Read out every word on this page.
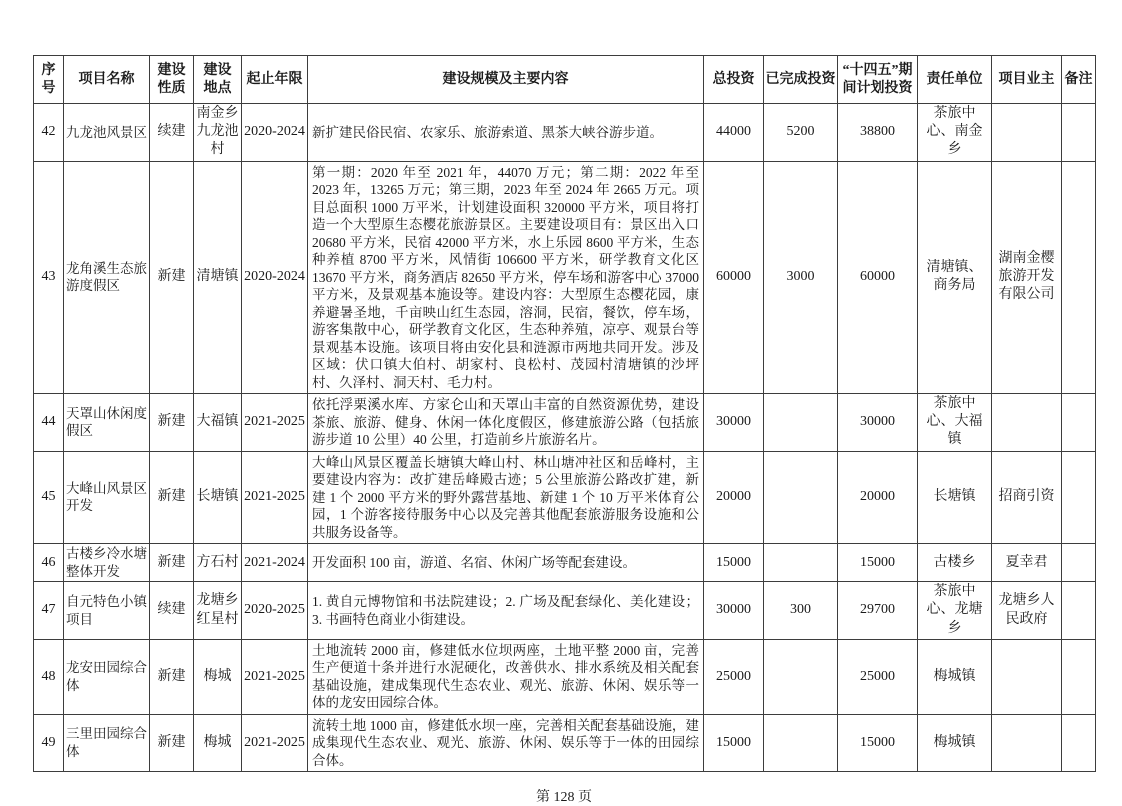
序 号	项目名称	建设 性质	建设 地点	起止年限	建设规模及主要内容	总投资	已完成投资	“十四五”期间计划投资	责任单位	项目业主	备注
42	九龙池风景区	续建	南金乡九龙池村	2020-2024	新扩建民俗民宿、农家乐、旅游索道、黑茶大峡谷游步道。	44000	5200	38800	茶旅中心、南金乡		
43	龙角溪生态旅游度假区	新建	清塘镇	2020-2024	第一期：2020 年至 2021 年，44070 万元；第二期：2022 年至 2023 年，13265 万元；第三期，2023 年至 2024 年 2665 万元。项目总面积 1000 万平米，计划建设面积 320000 平方米，项目将打造一个大型原生态樱花旅游景区。主要建设项目有：景区出入口 20680 平方米，民宿 42000 平方米，水上乐园 8600 平方米，生态种养植 8700 平方米，风情街 106600 平方米，研学教育文化区 13670 平方米，商务酒店 82650 平方米，停车场和游客中心 37000 平方米，及景观基本施设等。建设内容：大型原生态樱花园，康养避暑圣地，千亩映山红生态园，溶洞，民宿，餐饮，停车场，游客集散中心，研学教育文化区，生态种养殖，凉亭、观景台等景观基本设施。该项目将由安化县和涟源市两地共同开发。涉及区域：伏口镇大伯村、胡家村、良松村、茂园村清塘镇的沙坪村、久泽村、洞天村、毛力村。	60000	3000	60000	清塘镇、商务局	湖南金樱旅游开发有限公司	
44	天罩山休闲度假区	新建	大福镇	2021-2025	依托浮栗溪水库、方家仑山和天罩山丰富的自然资源优势，建设茶旅、旅游、健身、休闲一体化度假区，修建旅游公路（包括旅游步道 10 公里）40 公里，打造前乡片旅游名片。	30000		30000	茶旅中心、大福镇		
45	大峰山风景区开发	新建	长塘镇	2021-2025	大峰山风景区覆盖长塘镇大峰山村、林山塘冲社区和岳峰村，主要建设内容为：改扩建岳峰殿古迹；5 公里旅游公路改扩建，新建 1 个 2000 平方米的野外露营基地、新建 1 个 10 万平米体育公园，1 个游客接待服务中心以及完善其他配套旅游服务设施和公共服务设备等。	20000		20000	长塘镇	招商引资	
46	古楼乡冷水塘整体开发	新建	方石村	2021-2024	开发面积 100 亩，游道、名宿、休闲广场等配套建设。	15000		15000	古楼乡	夏幸君	
47	自元特色小镇项目	续建	龙塘乡红星村	2020-2025	1. 黄自元博物馆和书法院建设；2. 广场及配套绿化、美化建设；3. 书画特色商业小街建设。	30000	300	29700	茶旅中心、龙塘乡	龙塘乡人民政府	
48	龙安田园综合体	新建	梅城	2021-2025	土地流转 2000 亩，修建低水位坝两座，土地平整 2000 亩，完善生产便道十条并进行水泥硬化，改善供水、排水系统及相关配套基础设施，建成集现代生态农业、观光、旅游、休闲、娱乐等一体的龙安田园综合体。	25000		25000	梅城镇		
49	三里田园综合体	新建	梅城	2021-2025	流转土地 1000 亩，修建低水坝一座，完善相关配套基础设施，建成集现代生态农业、观光、旅游、休闲、娱乐等于一体的田园综合体。	15000		15000	梅城镇		
第 128 页
